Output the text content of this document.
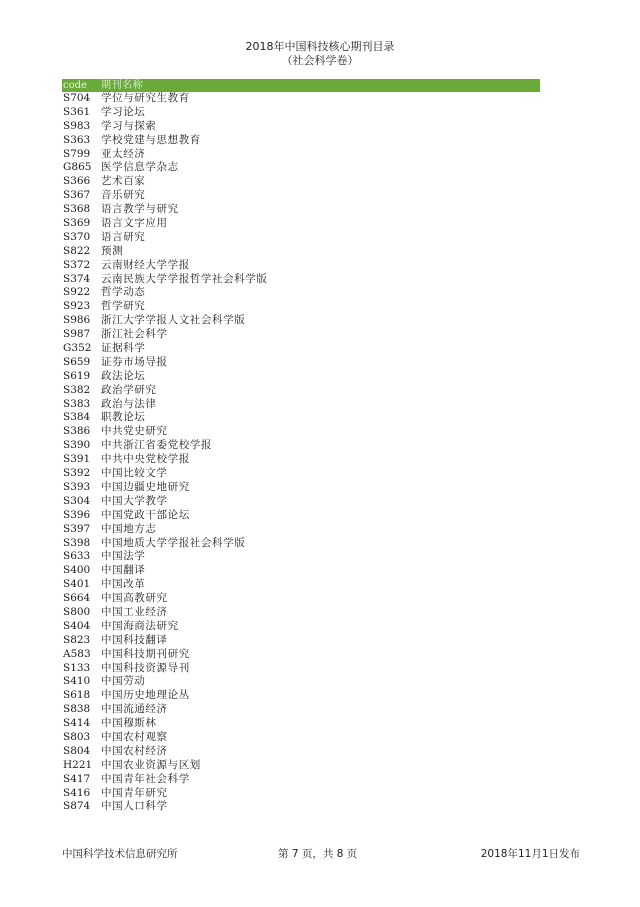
2018年中国科技核心期刊目录
（社会科学卷）
code	期刊名称
S704	学位与研究生教育
S361	学习论坛
S983	学习与探索
S363	学校党建与思想教育
S799	亚太经济
G865 医学信息学杂志
S366	艺术百家
S367	音乐研究
S368	语言教学与研究
S369	语言文字应用
S370	语言研究
S822	预测
S372	云南财经大学学报
S374	云南民族大学学报哲学社会科学版
S922	哲学动态
S923	哲学研究
S986	浙江大学学报人文社会科学版
S987	浙江社会科学
G352 证据科学
S659	证券市场导报
S619	政法论坛
S382	政治学研究
S383	政治与法律
S384	职教论坛
S386	中共党史研究
S390	中共浙江省委党校学报
S391	中共中央党校学报
S392	中国比较文学
S393	中国边疆史地研究
S304	中国大学教学
S396	中国党政干部论坛
S397	中国地方志
S398	中国地质大学学报社会科学版
S633	中国法学
S400	中国翻译
S401	中国改革
S664	中国高教研究
S800	中国工业经济
S404	中国海商法研究
S823	中国科技翻译
A583 中国科技期刊研究
S133	中国科技资源导刊
S410	中国劳动
S618	中国历史地理论丛
S838	中国流通经济
S414	中国穆斯林
S803	中国农村观察
S804	中国农村经济
H221 中国农业资源与区划
S417	中国青年社会科学
S416	中国青年研究
S874	中国人口科学
中国科学技术信息研究所	第 7 页，共 8 页	2018年11月1日发布
